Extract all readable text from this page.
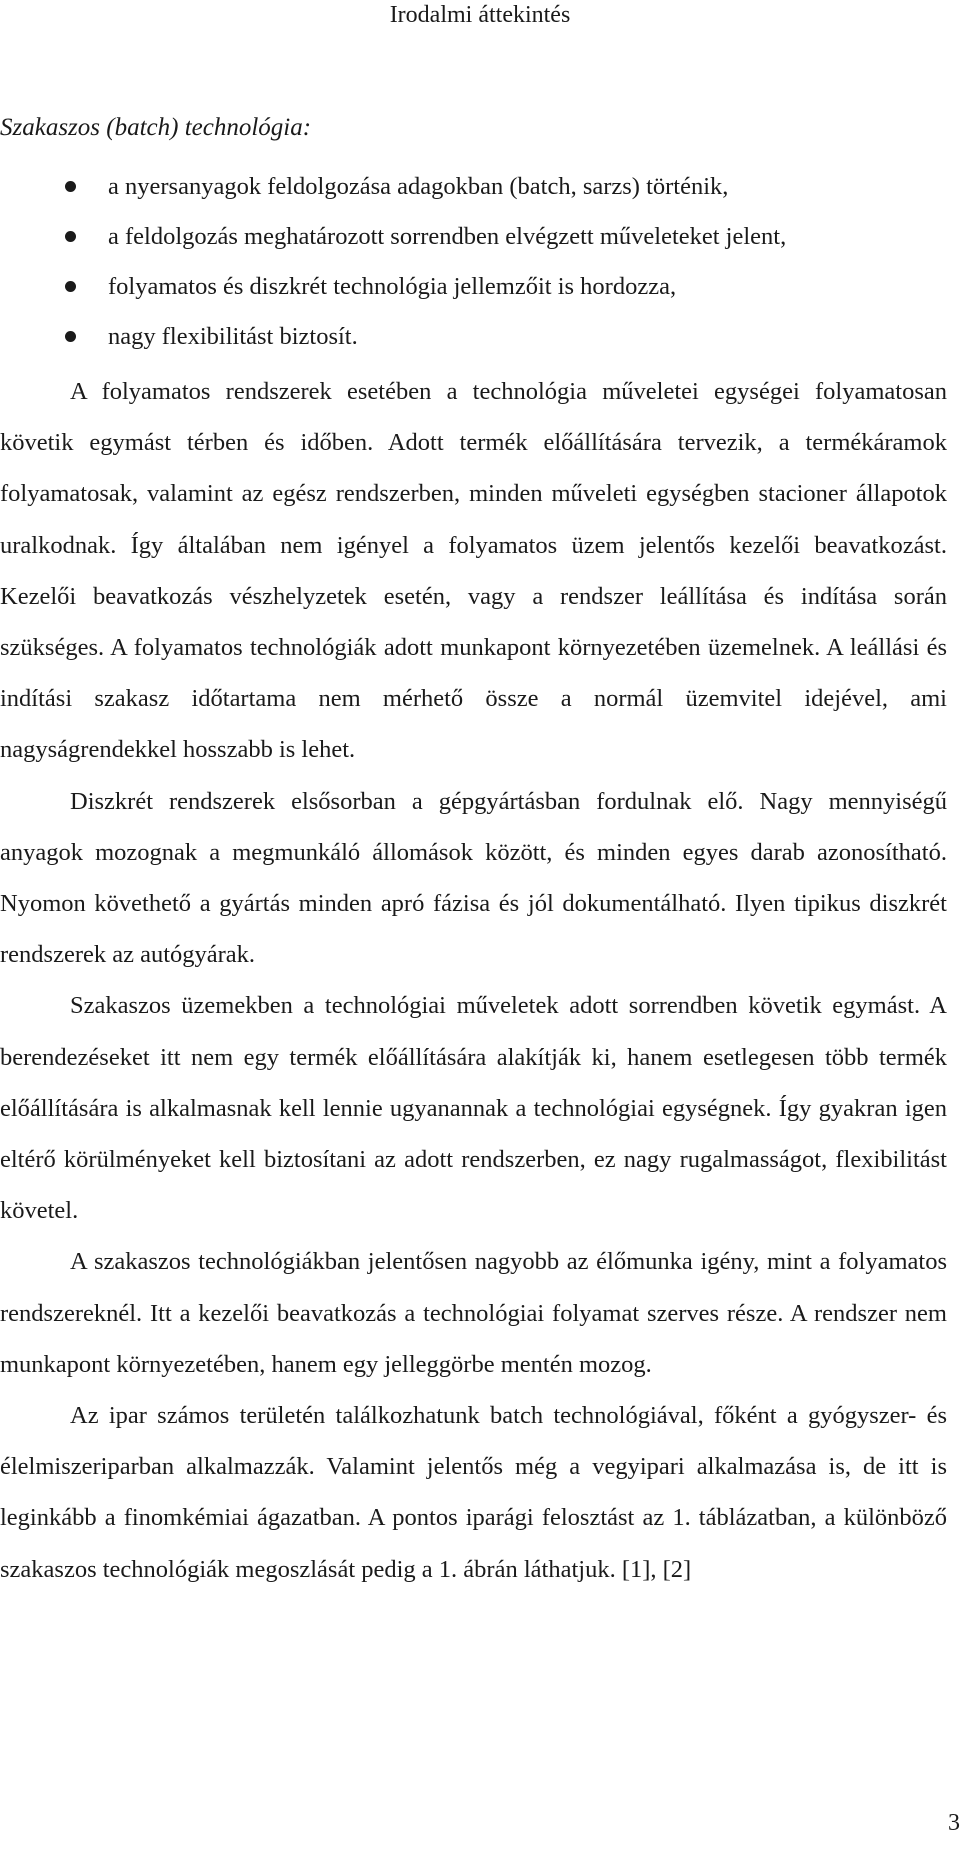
Irodalmi áttekintés
Szakaszos (batch) technológia:
a nyersanyagok feldolgozása adagokban (batch, sarzs) történik,
a feldolgozás meghatározott sorrendben elvégzett műveleteket jelent,
folyamatos és diszkrét technológia jellemzőit is hordozza,
nagy flexibilitást biztosít.

A folyamatos rendszerek esetében a technológia műveletei egységei folyamatosan követik egymást térben és időben. Adott termék előállítására tervezik, a termékáramok folyamatosak, valamint az egész rendszerben, minden műveleti egységben stacioner állapotok uralkodnak. Így általában nem igényel a folyamatos üzem jelentős kezelői beavatkozást. Kezelői beavatkozás vészhelyzetek esetén, vagy a rendszer leállítása és indítása során szükséges. A folyamatos technológiák adott munkapont környezetében üzemelnek. A leállási és indítási szakasz időtartama nem mérhető össze a normál üzemvitel idejével, ami nagyságrendekkel hosszabb is lehet.

Diszkrét rendszerek elsősorban a gépgyártásban fordulnak elő. Nagy mennyiségű anyagok mozognak a megmunkáló állomások között, és minden egyes darab azonosítható. Nyomon követhető a gyártás minden apró fázisa és jól dokumentálható. Ilyen tipikus diszkrét rendszerek az autógyárak.

Szakaszos üzemekben a technológiai műveletek adott sorrendben követik egymást. A berendezéseket itt nem egy termék előállítására alakítják ki, hanem esetlegesen több termék előállítására is alkalmasnak kell lennie ugyanannak a technológiai egységnek. Így gyakran igen eltérő körülményeket kell biztosítani az adott rendszerben, ez nagy rugalmasságot, flexibilitást követel.

A szakaszos technológiákban jelentősen nagyobb az élőmunka igény, mint a folyamatos rendszereknél. Itt a kezelői beavatkozás a technológiai folyamat szerves része. A rendszer nem munkapont környezetében, hanem egy jelleggörbe mentén mozog.

Az ipar számos területén találkozhatunk batch technológiával, főként a gyógyszer- és élelmiszeriparban alkalmazzák. Valamint jelentős még a vegyipari alkalmazása is, de itt is leginkább a finomkémiai ágazatban. A pontos iparági felosztást az 1. táblázatban, a különböző szakaszos technológiák megoszlását pedig a 1. ábrán láthatjuk. [1], [2]

3
